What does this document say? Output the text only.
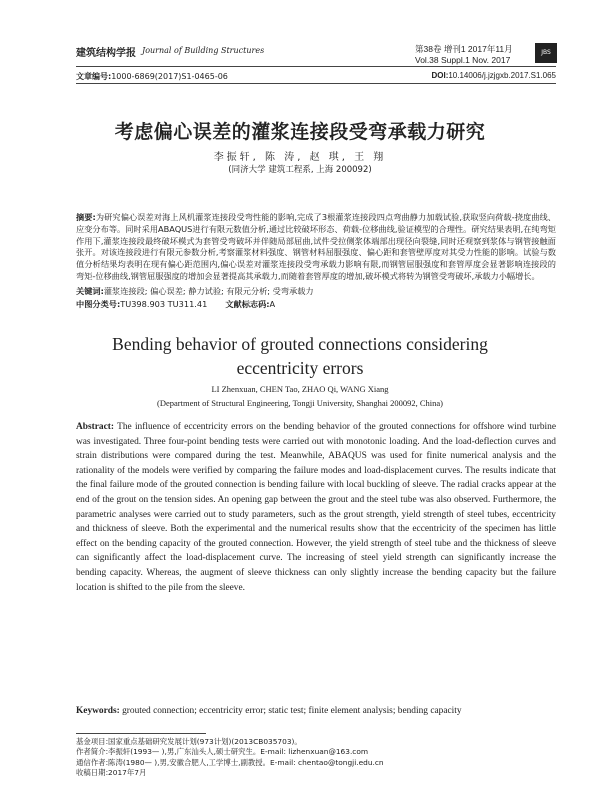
建筑结构学报 Journal of Building Structures	第38卷 增刊1 2017年11月
Vol.38 Suppl.1 Nov. 2017
JBS
文章编号:1000-6869(2017)S1-0465-06	DOI:10.14006/j.jzjgxb.2017.S1.065
考虑偏心误差的灌浆连接段受弯承载力研究
李振轩, 陈 涛, 赵 琪, 王 翔
(同济大学 建筑工程系, 上海 200092)
摘要:为研究偏心误差对海上风机灌浆连接段受弯性能的影响,完成了3根灌浆连接段四点弯曲静力加载试验,获取竖向荷载-挠度曲线、应变分布等。同时采用ABAQUS进行有限元数值分析,通过比较破坏形态、荷载-位移曲线,验证模型的合理性。研究结果表明,在纯弯矩作用下,灌浆连接段最终破坏模式为套管受弯破坏并伴随局部屈曲,试件受拉侧浆体端部出现径向裂缝,同时还观察到浆体与钢管接触面张开。对该连接段进行有限元参数分析,考察灌浆材料强度、钢管材料屈服强度、偏心距和套管壁厚度对其受力性能的影响。试验与数值分析结果均表明在现有偏心距范围内,偏心误差对灌浆连接段受弯承载力影响有限,而钢管屈服强度和套管厚度会显著影响连接段的弯矩-位移曲线,钢管屈服强度的增加会显著提高其承载力,而随着套管厚度的增加,破坏模式将转为钢管受弯破坏,承载力小幅增长。
关键词:灌浆连接段; 偏心误差; 静力试验; 有限元分析; 受弯承载力
中图分类号:TU398.903 TU311.41 文献标志码:A
Bending behavior of grouted connections considering
eccentricity errors
LI Zhenxuan, CHEN Tao, ZHAO Qi, WANG Xiang
(Department of Structural Engineering, Tongji University, Shanghai 200092, China)
Abstract: The influence of eccentricity errors on the bending behavior of the grouted connections for offshore wind turbine was investigated. Three four-point bending tests were carried out with monotonic loading. And the load-deflection curves and strain distributions were compared during the test. Meanwhile, ABAQUS was used for finite numerical analysis and the rationality of the models were verified by comparing the failure modes and load-displacement curves. The results indicate that the final failure mode of the grouted connection is bending failure with local buckling of sleeve. The radial cracks appear at the end of the grout on the tension sides. An opening gap between the grout and the steel tube was also observed. Furthermore, the parametric analyses were carried out to study parameters, such as the grout strength, yield strength of steel tubes, eccentricity and thickness of sleeve. Both the experimental and the numerical results show that the eccentricity of the specimen has little effect on the bending capacity of the grouted connection. However, the yield strength of steel tube and the thickness of sleeve can significantly affect the load-displacement curve. The increasing of steel yield strength can significantly increase the bending capacity. Whereas, the augment of sleeve thickness can only slightly increase the bending capacity but the failure location is shifted to the pile from the sleeve.
Keywords: grouted connection; eccentricity error; static test; finite element analysis; bending capacity
基金项目:国家重点基础研究发展计划(973计划)(2013CB035703)。
作者简介:李振轩(1993— ),男,广东汕头人,硕士研究生。E-mail: lizhenxuan@163.com
通信作者:陈涛(1980— ),男,安徽合肥人,工学博士,副教授。E-mail: chentao@tongji.edu.cn
收稿日期:2017年7月
